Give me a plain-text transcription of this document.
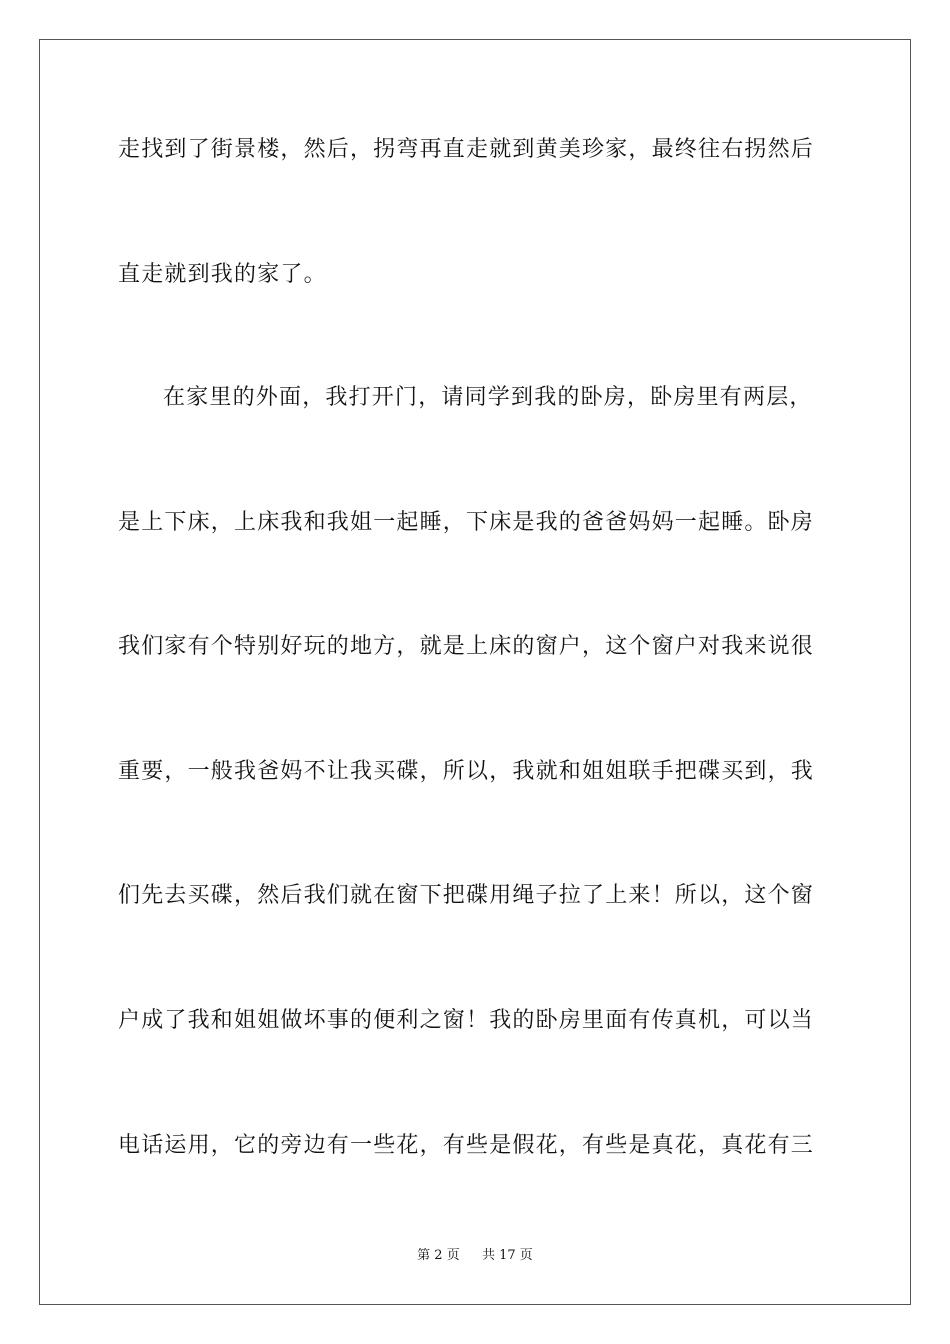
走找到了街景楼，然后，拐弯再直走就到黄美珍家，最终往右拐然后
直走就到我的家了。
在家里的外面，我打开门，请同学到我的卧房，卧房里有两层，
是上下床，上床我和我姐一起睡，下床是我的爸爸妈妈一起睡。卧房
我们家有个特别好玩的地方，就是上床的窗户，这个窗户对我来说很
重要，一般我爸妈不让我买碟，所以，我就和姐姐联手把碟买到，我
们先去买碟，然后我们就在窗下把碟用绳子拉了上来！所以，这个窗
户成了我和姐姐做坏事的便利之窗！我的卧房里面有传真机，可以当
电话运用，它的旁边有一些花，有些是假花，有些是真花，真花有三
第 2 页 共 17 页
